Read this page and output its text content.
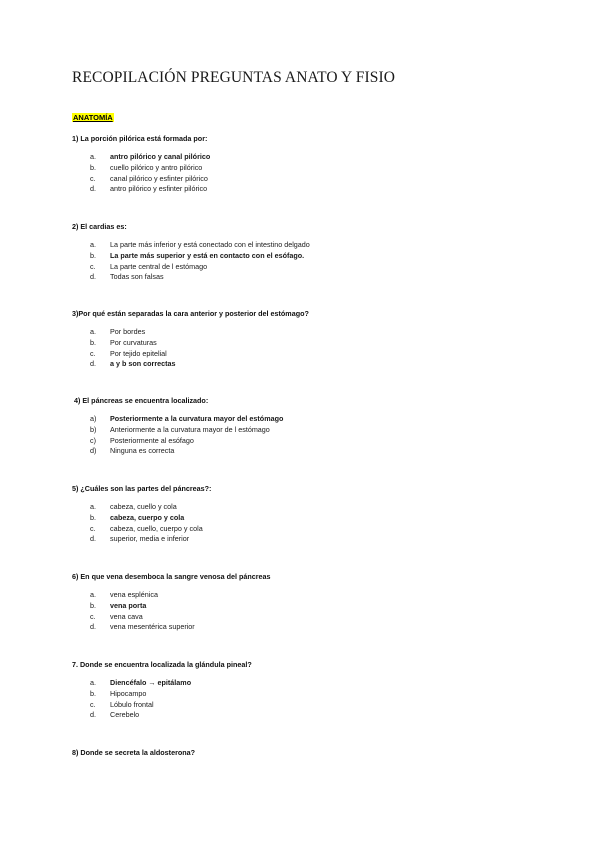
RECOPILACIÓN PREGUNTAS ANATO Y FISIO
ANATOMÍA
1) La porción pilórica está formada por:
a. antro pilórico y canal pilórico
b. cuello pilórico y antro pilórico
c. canal pilórico y esfinter pilórico
d. antro pilórico y esfinter pilórico
2) El cardias es:
a. La parte más inferior y está conectado con el intestino delgado
b. La parte más superior y está en contacto con el esófago.
c. La parte central de l estómago
d. Todas son falsas
3)Por qué están separadas la cara anterior y posterior del estómago?
a. Por bordes
b. Por curvaturas
c. Por tejido epitelial
d. a y b son correctas
4) El páncreas se encuentra localizado:
a) Posteriormente a la curvatura mayor del estómago
b) Anteriormente a la curvatura mayor de l estómago
c) Posteriormente al esófago
d) Ninguna es correcta
5) ¿Cuáles son las partes del páncreas?:
a. cabeza, cuello y cola
b. cabeza, cuerpo y cola
c. cabeza, cuello, cuerpo y cola
d. superior, media e inferior
6) En que vena desemboca la sangre venosa del páncreas
a. vena esplénica
b. vena porta
c. vena cava
d. vena mesentérica superior
7. Donde se encuentra localizada la glándula pineal?
a. Diencéfalo → epitálamo
b. Hipocampo
c. Lóbulo frontal
d. Cerebelo
8) Donde se secreta la aldosterona?
